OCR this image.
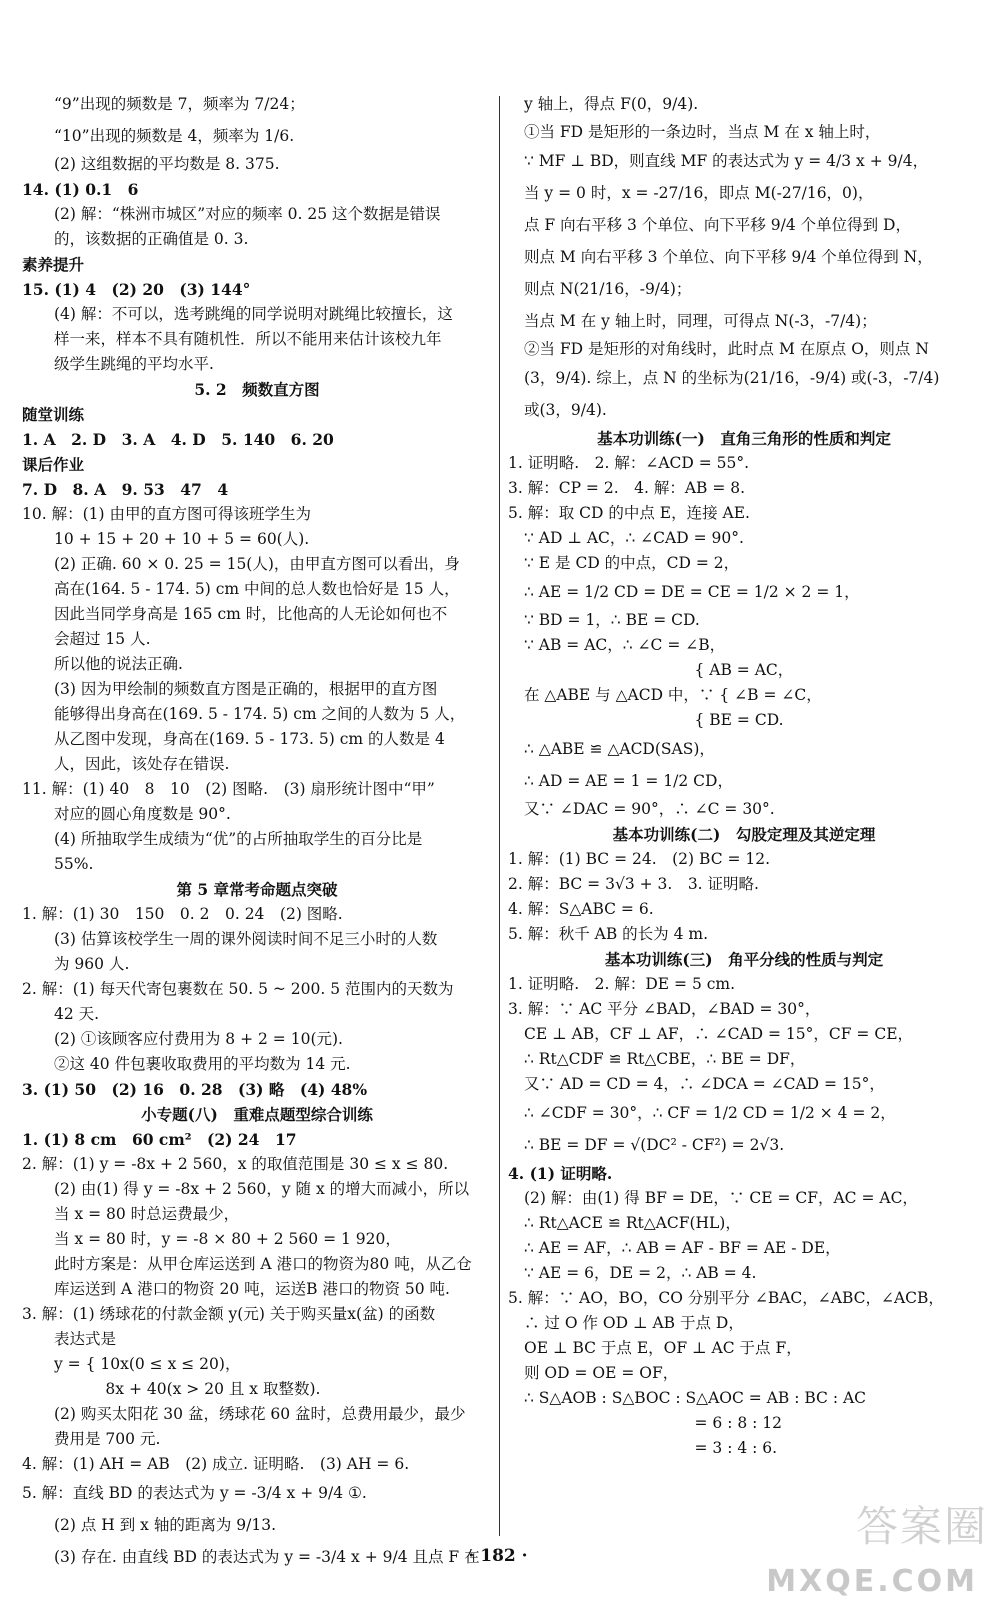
“9”出现的频数是 7，频率为 7/24；
“10”出现的频数是 4，频率为 1/6.
(2) 这组数据的平均数是 8. 375.
14. (1) 0.1　6
(2) 解：“株洲市城区”对应的频率 0. 25 这个数据是错误
的，该数据的正确值是 0. 3.
素养提升
15. (1) 4　(2) 20　(3) 144°
(4) 解：不可以，选考跳绳的同学说明对跳绳比较擅长，这
样一来，样本不具有随机性．所以不能用来估计该校九年
级学生跳绳的平均水平.
5. 2　频数直方图
随堂训练
1. A　2. D　3. A　4. D　5. 140　6. 20
课后作业
7. D　8. A　9. 53　47　4
10. 解：(1) 由甲的直方图可得该班学生为
10 + 15 + 20 + 10 + 5 = 60(人).
(2) 正确. 60 × 0. 25 = 15(人)，由甲直方图可以看出，身
高在(164. 5 - 174. 5) cm 中间的总人数也恰好是 15 人，
因此当同学身高是 165 cm 时，比他高的人无论如何也不
会超过 15 人.
所以他的说法正确.
(3) 因为甲绘制的频数直方图是正确的，根据甲的直方图
能够得出身高在(169. 5 - 174. 5) cm 之间的人数为 5 人，
从乙图中发现，身高在(169. 5 - 173. 5) cm 的人数是 4
人，因此，该处存在错误.
11. 解：(1) 40　8　10　(2) 图略.　(3) 扇形统计图中“甲”
对应的圆心角度数是 90°.
(4) 所抽取学生成绩为“优”的占所抽取学生的百分比是
55%.
第 5 章常考命题点突破
1. 解：(1) 30　150　0. 2　0. 24　(2) 图略.
(3) 估算该校学生一周的课外阅读时间不足三小时的人数
为 960 人.
2. 解：(1) 每天代寄包裹数在 50. 5 ~ 200. 5 范围内的天数为
42 天.
(2) ①该顾客应付费用为 8 + 2 = 10(元).
②这 40 件包裹收取费用的平均数为 14 元.
3. (1) 50　(2) 16　0. 28　(3) 略　(4) 48%
小专题(八)　重难点题型综合训练
1. (1) 8 cm　60 cm²　(2) 24　17
2. 解：(1) y = -8x + 2 560，x 的取值范围是 30 ≤ x ≤ 80.
(2) 由(1) 得 y = -8x + 2 560，y 随 x 的增大而减小，所以
当 x = 80 时总运费最少，
当 x = 80 时，y = -8 × 80 + 2 560 = 1 920，
此时方案是：从甲仓库运送到 A 港口的物资为80 吨，从乙仓
库运送到 A 港口的物资 20 吨，运送B 港口的物资 50 吨.
3. 解：(1) 绣球花的付款金额 y(元) 关于购买量x(盆) 的函数
表达式是
y = { 10x(0 ≤ x ≤ 20)，
　　　 8x + 40(x > 20 且 x 取整数).
(2) 购买太阳花 30 盆，绣球花 60 盆时，总费用最少，最少
费用是 700 元.
4. 解：(1) AH = AB　(2) 成立. 证明略.　(3) AH = 6.
5. 解：直线 BD 的表达式为 y = -3/4 x + 9/4 ①.
(2) 点 H 到 x 轴的距离为 9/13.
(3) 存在. 由直线 BD 的表达式为 y = -3/4 x + 9/4 且点 F 在
y 轴上，得点 F(0，9/4).
①当 FD 是矩形的一条边时，当点 M 在 x 轴上时，
∵ MF ⊥ BD，则直线 MF 的表达式为 y = 4/3 x + 9/4，
当 y = 0 时，x = -27/16，即点 M(-27/16，0)，
点 F 向右平移 3 个单位、向下平移 9/4 个单位得到 D，
则点 M 向右平移 3 个单位、向下平移 9/4 个单位得到 N，
则点 N(21/16，-9/4)；
当点 M 在 y 轴上时，同理，可得点 N(-3，-7/4)；
②当 FD 是矩形的对角线时，此时点 M 在原点 O，则点 N
(3，9/4). 综上，点 N 的坐标为(21/16，-9/4) 或(-3，-7/4)
或(3，9/4).
基本功训练(一)　直角三角形的性质和判定
1. 证明略.　2. 解：∠ACD = 55°.
3. 解：CP = 2.　4. 解：AB = 8.
5. 解：取 CD 的中点 E，连接 AE.
∵ AD ⊥ AC，∴ ∠CAD = 90°.
∵ E 是 CD 的中点，CD = 2，
∴ AE = 1/2 CD = DE = CE = 1/2 × 2 = 1，
∵ BD = 1，∴ BE = CD.
∵ AB = AC，∴ ∠C = ∠B，
　　　　　　　　　　　{ AB = AC，
在 △ABE 与 △ACD 中，∵ { ∠B = ∠C，
　　　　　　　　　　　{ BE = CD.
∴ △ABE ≌ △ACD(SAS)，
∴ AD = AE = 1 = 1/2 CD，
又∵ ∠DAC = 90°，∴ ∠C = 30°.
基本功训练(二)　勾股定理及其逆定理
1. 解：(1) BC = 24.　(2) BC = 12.
2. 解：BC = 3√3 + 3.　3. 证明略.
4. 解：S△ABC = 6.
5. 解：秋千 AB 的长为 4 m.
基本功训练(三)　角平分线的性质与判定
1. 证明略.　2. 解：DE = 5 cm.
3. 解：∵ AC 平分 ∠BAD，∠BAD = 30°，
CE ⊥ AB，CF ⊥ AF，∴ ∠CAD = 15°，CF = CE，
∴ Rt△CDF ≌ Rt△CBE，∴ BE = DF，
又∵ AD = CD = 4，∴ ∠DCA = ∠CAD = 15°，
∴ ∠CDF = 30°，∴ CF = 1/2 CD = 1/2 × 4 = 2，
∴ BE = DF = √(DC² - CF²) = 2√3.
4. (1) 证明略.
(2) 解：由(1) 得 BF = DE，∵ CE = CF，AC = AC，
∴ Rt△ACE ≌ Rt△ACF(HL)，
∴ AE = AF，∴ AB = AF - BF = AE - DE，
∵ AE = 6，DE = 2，∴ AB = 4.
5. 解：∵ AO，BO，CO 分别平分 ∠BAC，∠ABC，∠ACB，
∴ 过 O 作 OD ⊥ AB 于点 D，
OE ⊥ BC 于点 E，OF ⊥ AC 于点 F，
则 OD = OE = OF，
∴ S△AOB : S△BOC : S△AOC = AB : BC : AC
　　　　　　　　　　　= 6 : 8 : 12
　　　　　　　　　　　= 3 : 4 : 6.
· 182 ·
答案圈
MXQE.COM
